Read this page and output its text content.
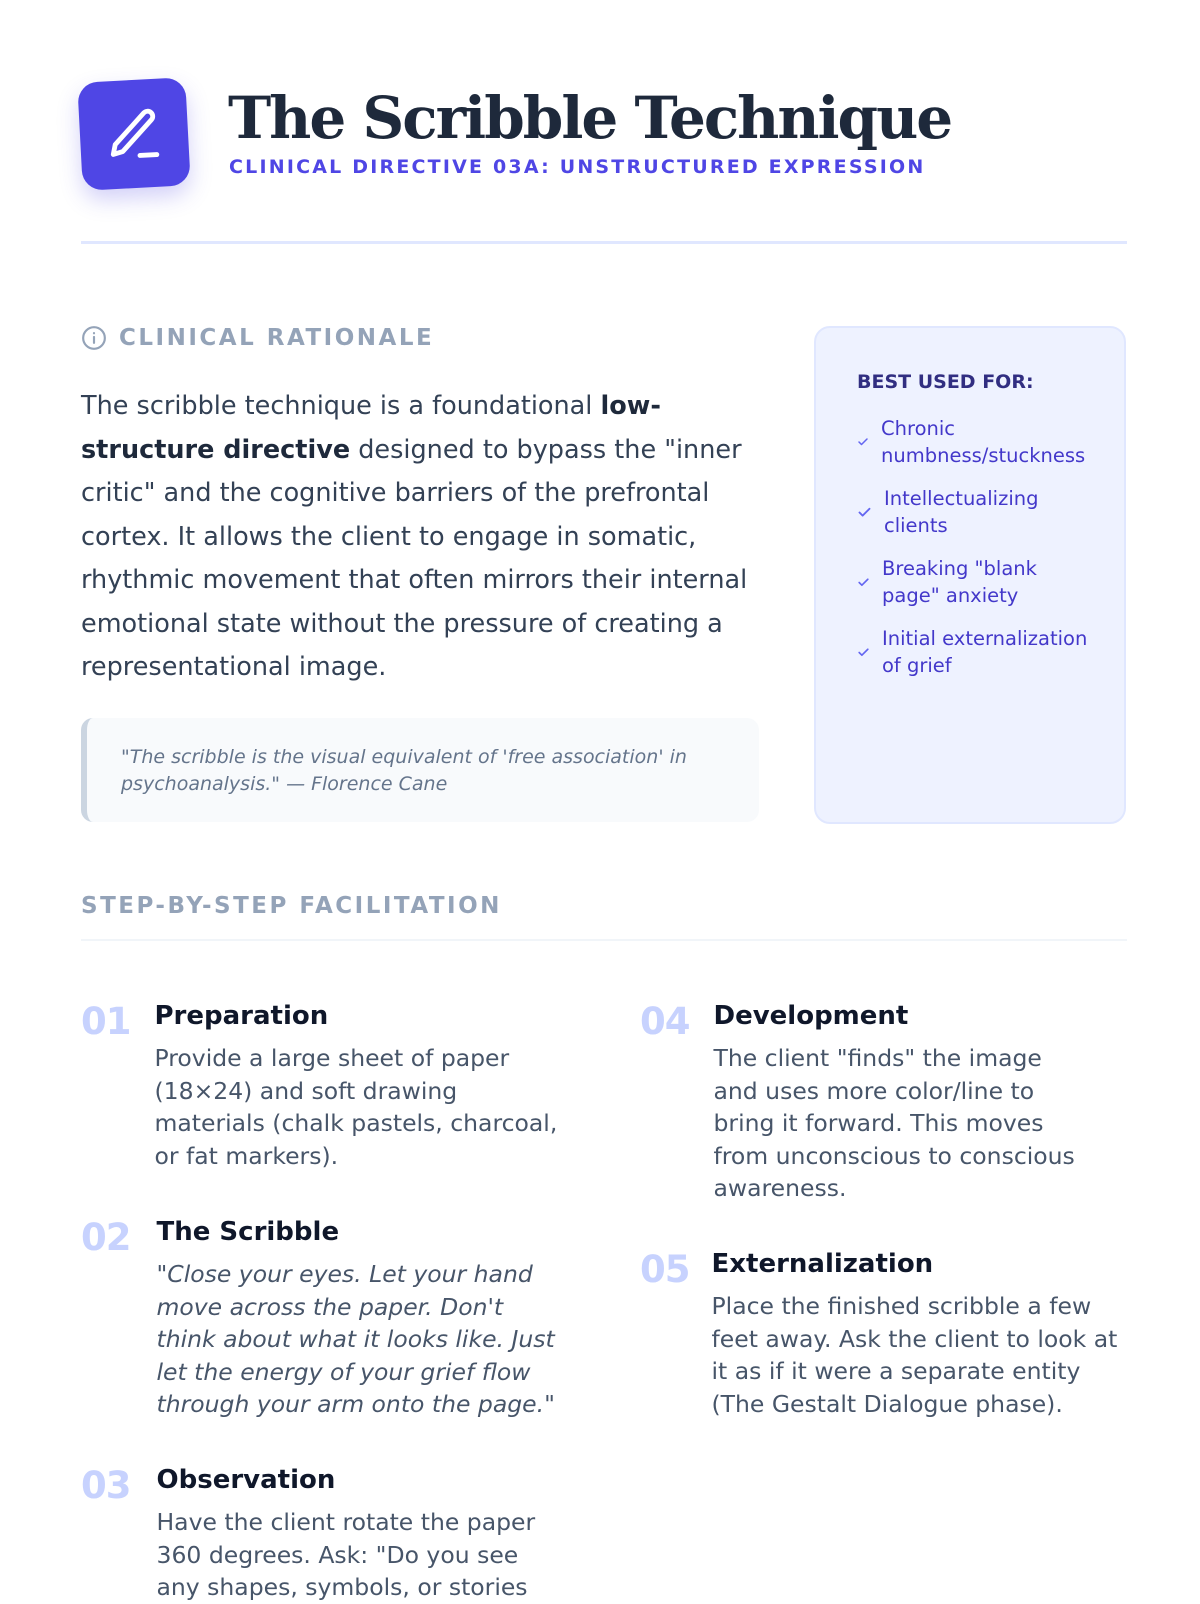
The Scribble Technique
CLINICAL DIRECTIVE 03A: UNSTRUCTURED EXPRESSION
CLINICAL RATIONALE

The scribble technique is a foundational low-structure directive designed to bypass the "inner critic" and the cognitive barriers of the prefrontal cortex. It allows the client to engage in somatic, rhythmic movement that often mirrors their internal emotional state without the pressure of creating a representational image.

"The scribble is the visual equivalent of 'free association' in psychoanalysis." — Florence Cane
BEST USED FOR:
Chronic numbness/stuckness
Intellectualizing clients
Breaking "blank page" anxiety
Initial externalization of grief
STEP-BY-STEP FACILITATION
01 Preparation
Provide a large sheet of paper (18×24) and soft drawing materials (chalk pastels, charcoal, or fat markers).
02 The Scribble
"Close your eyes. Let your hand move across the paper. Don't think about what it looks like. Just let the energy of your grief flow through your arm onto the page."
03 Observation
Have the client rotate the paper 360 degrees. Ask: "Do you see any shapes, symbols, or stories
04 Development
The client "finds" the image and uses more color/line to bring it forward. This moves from unconscious to conscious awareness.
05 Externalization
Place the finished scribble a few feet away. Ask the client to look at it as if it were a separate entity (The Gestalt Dialogue phase).
